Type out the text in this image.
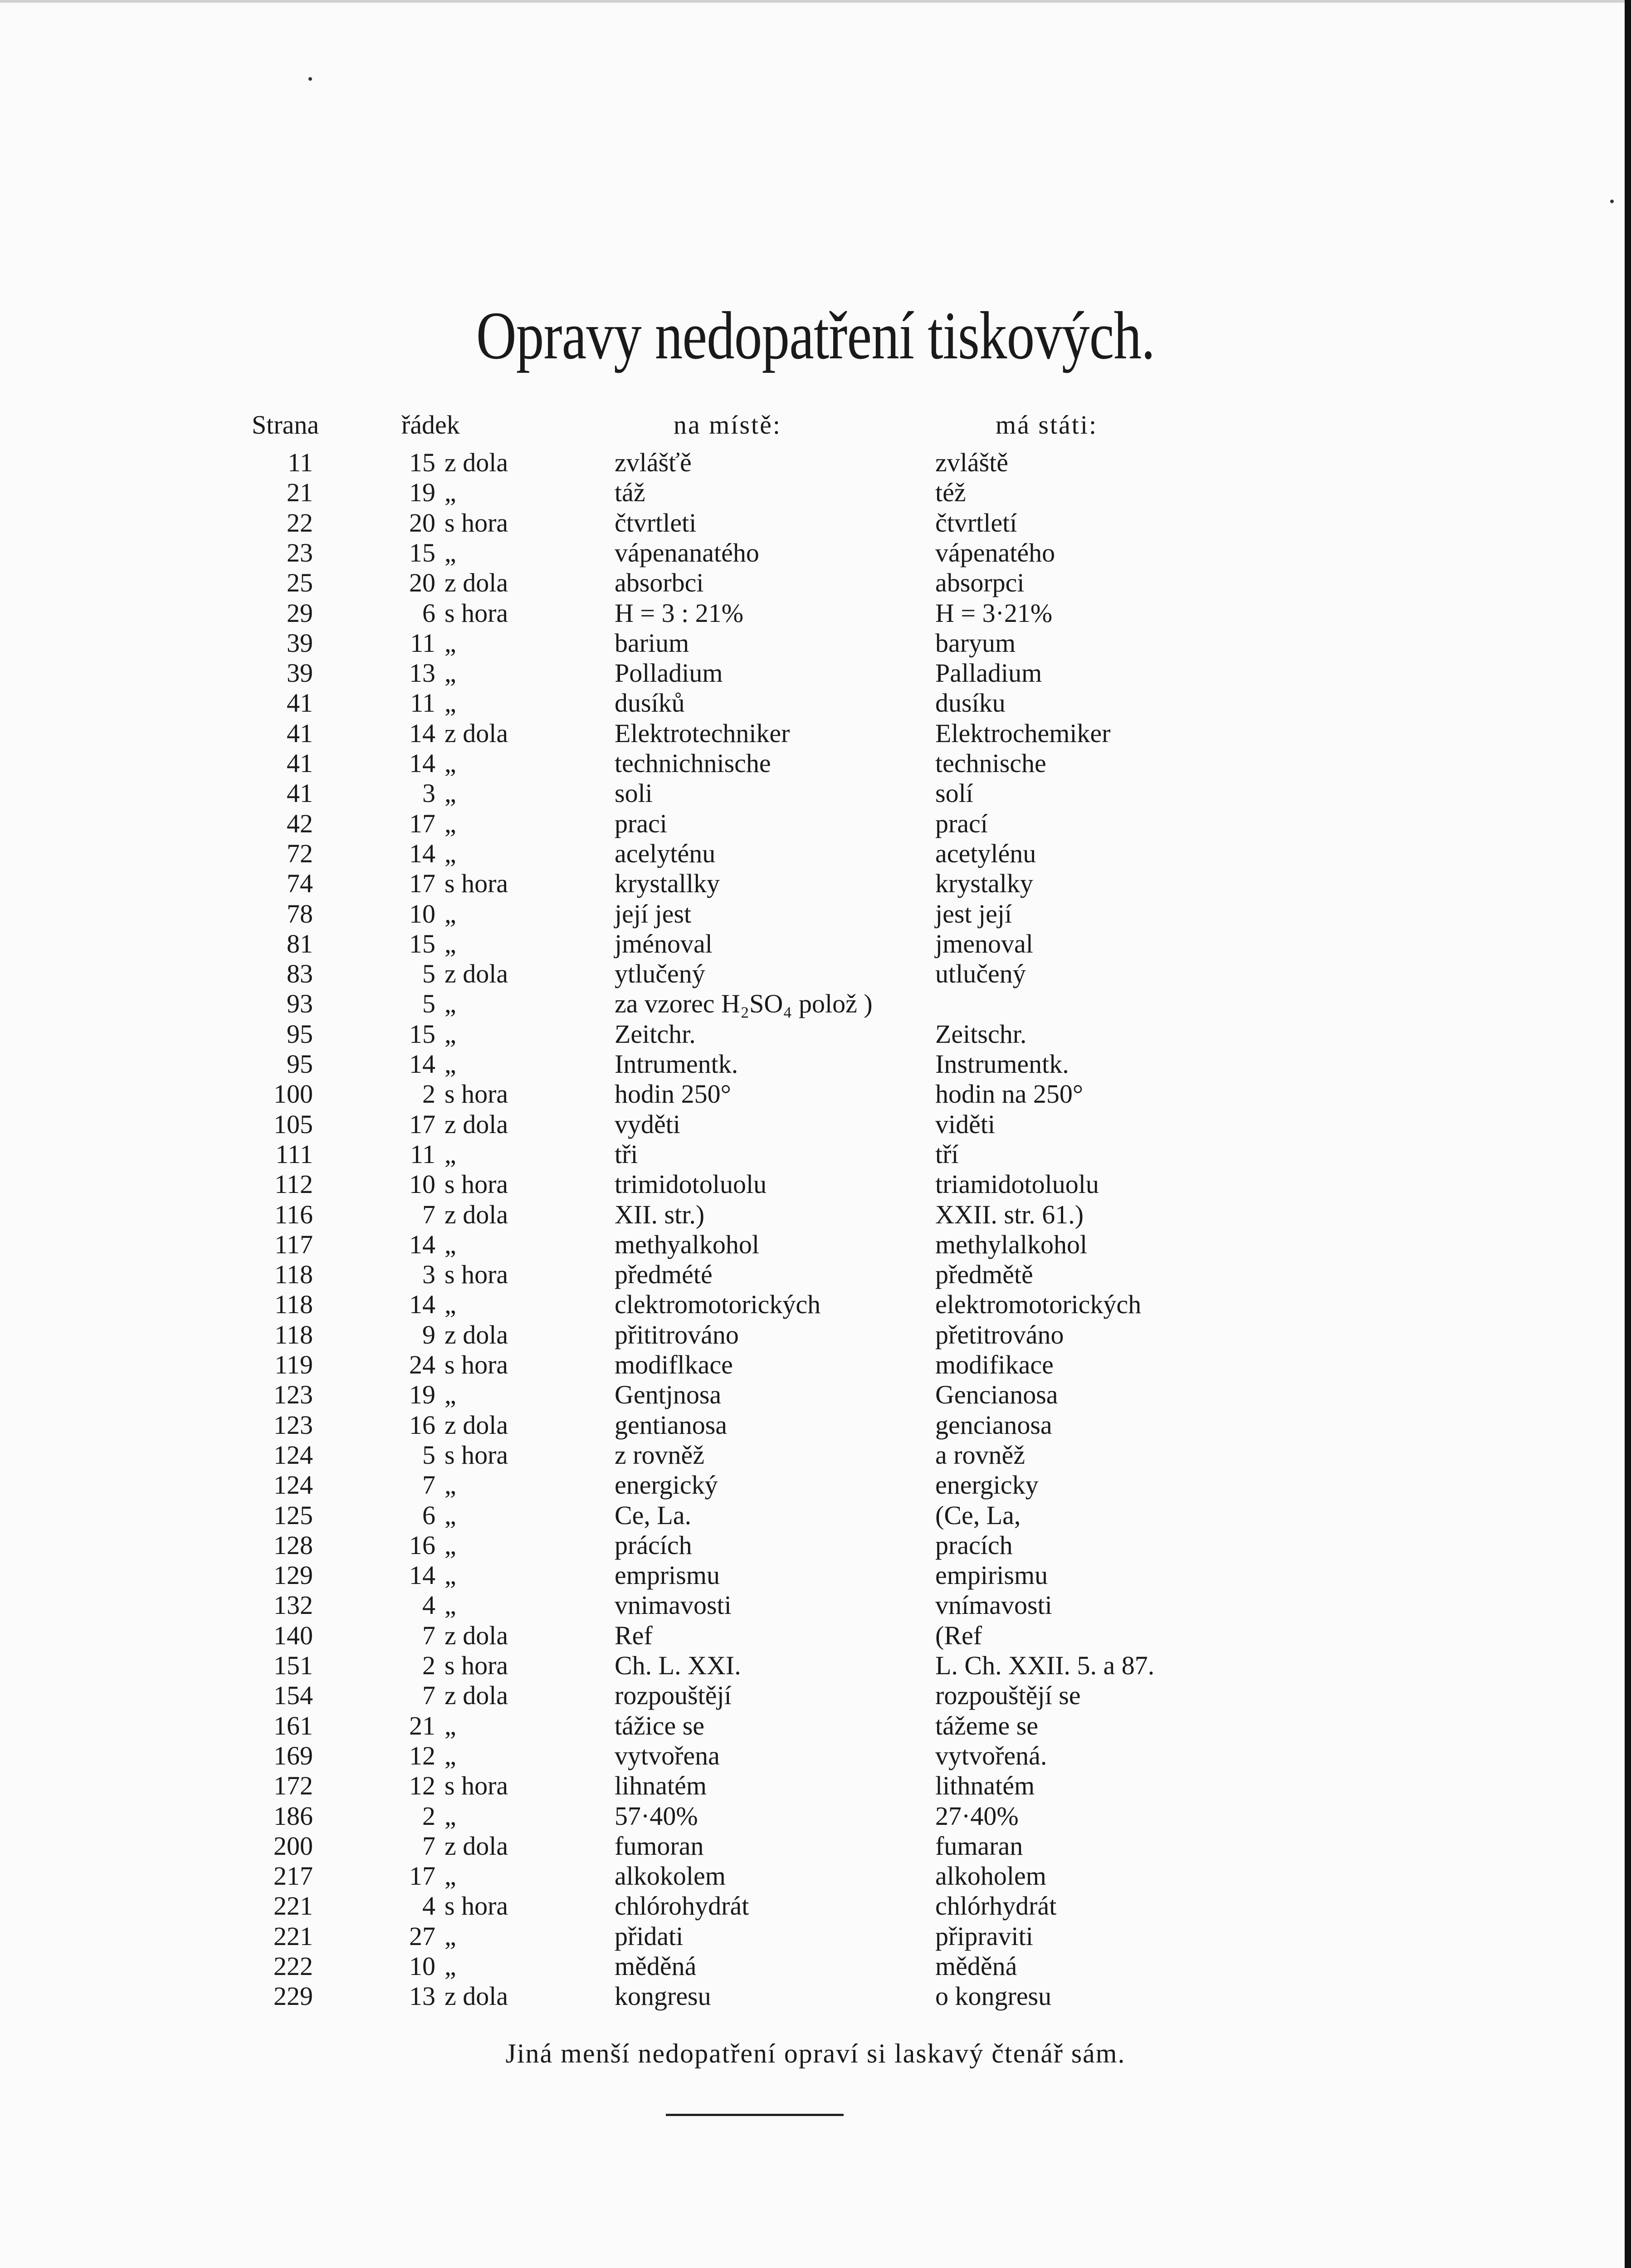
Opravy nedopatření tiskových.
Strana	řádek	na místě:	má státi:
11	15 z dola	zvlášťě	zvláště
21	19 „	táž	též
22	20 s hora	čtvrtleti	čtvrtletí
23	15 „	vápenanatého	vápenatého
25	20 z dola	absorbci	absorpci
29	6 s hora	H = 3 : 21%	H = 3·21%
39	11 „	barium	baryum
39	13 „	Polladium	Palladium
41	11 „	dusíků	dusíku
41	14 z dola	Elektrotechniker	Elektrochemiker
41	14 „	technichnische	technische
41	3 „	soli	solí
42	17 „	praci	prací
72	14 „	acelyténu	acetylénu
74	17 s hora	krystallky	krystalky
78	10 „	její jest	jest její
81	15 „	jménoval	jmenoval
83	5 z dola	ytlučený	utlučený
93	5 „	za vzorec H₂SO₄ polož )
95	15 „	Zeitchr.	Zeitschr.
95	14 „	Intrumentk.	Instrumentk.
100	2 s hora	hodin 250°	hodin na 250°
105	17 z dola	vyděti	viděti
111	11 „	tři	tří
112	10 s hora	trimidotoluolu	triamidotoluolu
116	7 z dola	XII. str.)	XXII. str. 61.)
117	14 „	methyalkohol	methylalkohol
118	3 s hora	předmété	předmětě
118	14 „	clektromotorických	elektromotorických
118	9 z dola	přititrováno	přetitrováno
119	24 s hora	modiflkace	modifikace
123	19 „	Gentjnosa	Gencianosa
123	16 z dola	gentianosa	gencianosa
124	5 s hora	z rovněž	a rovněž
124	7 „	energický	energicky
125	6 „	Ce, La.	(Ce, La,
128	16 „	prácích	pracích
129	14 „	emprismu	empirismu
132	4 „	vnimavosti	vnímavosti
140	7 z dola	Ref	(Ref
151	2 s hora	Ch. L. XXI.	L. Ch. XXII. 5. a 87.
154	7 z dola	rozpouštějí	rozpouštějí se
161	21 „	tážice se	tážeme se
169	12 „	vytvořena	vytvořená.
172	12 s hora	lihnatém	lithnatém
186	2 „	57·40%	27·40%
200	7 z dola	fumoran	fumaran
217	17 „	alkokolem	alkoholem
221	4 s hora	chlórohydrát	chlórhydrát
221	27 „	přidati	připraviti
222	10 „	měděná	měděná
229	13 z dola	kongresu	o kongresu
Jiná menší nedopatření opraví si laskavý čtenář sám.
